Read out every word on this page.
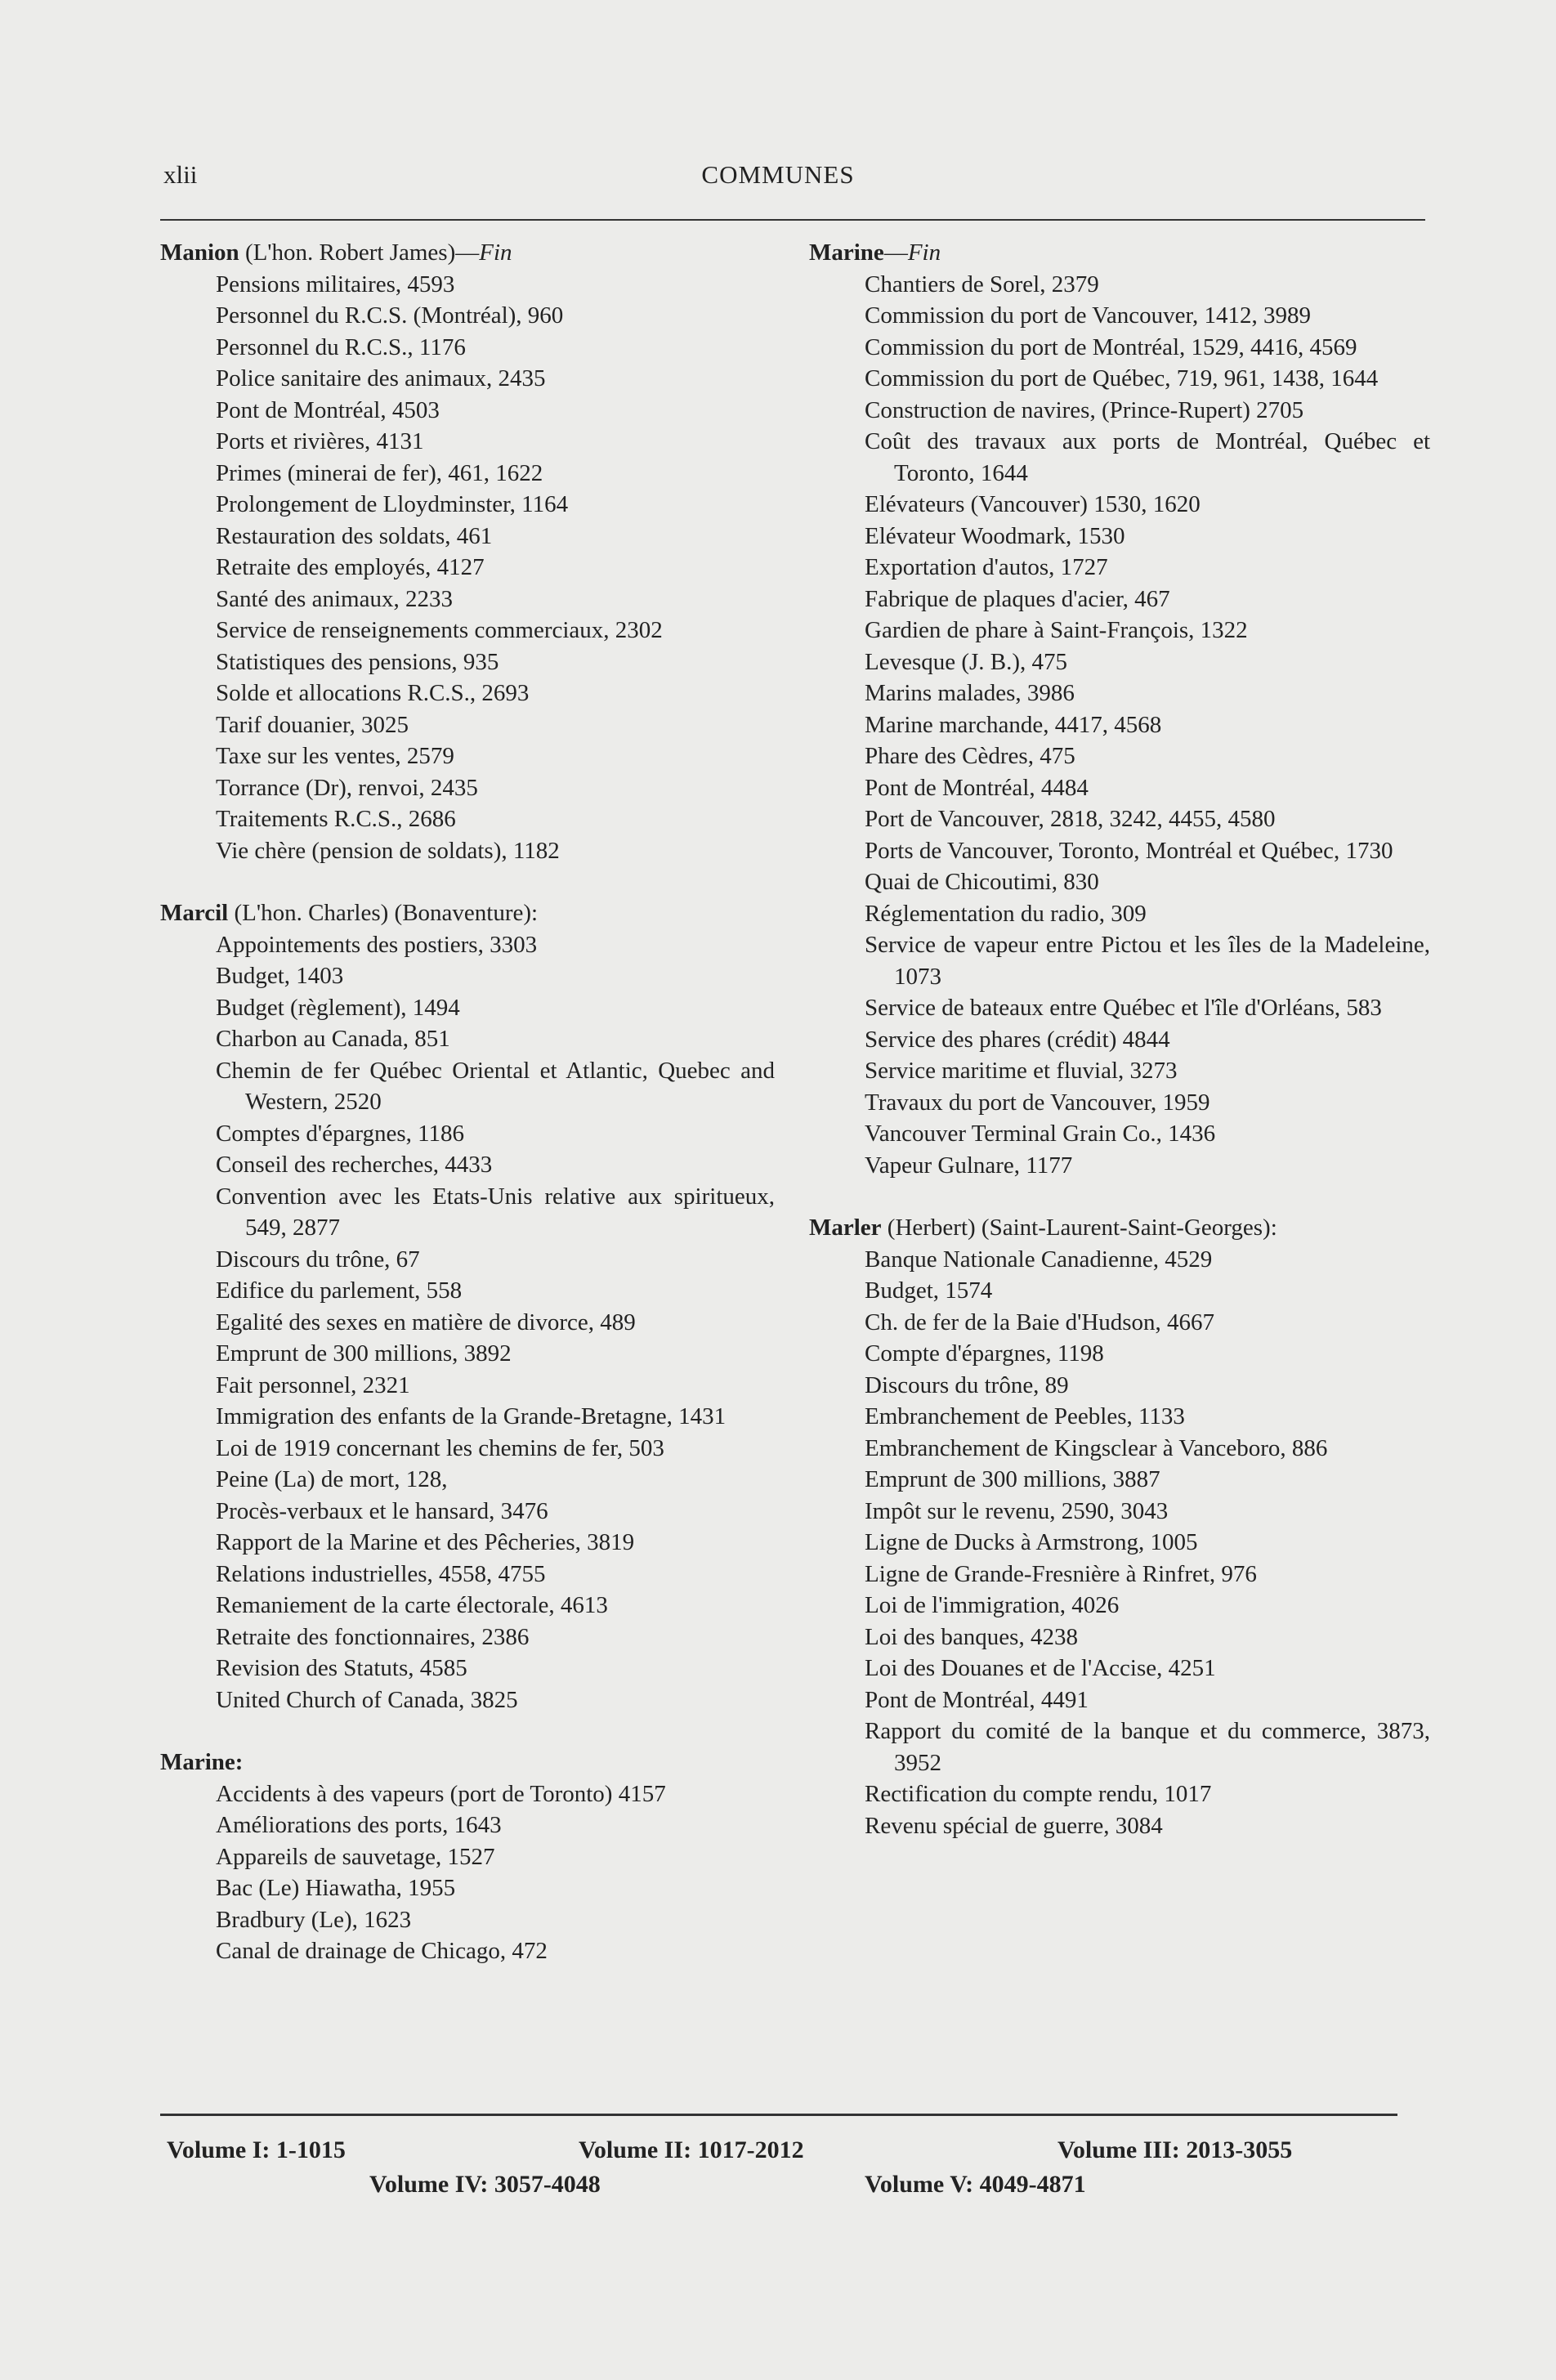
xlii	COMMUNES
Manion (L'hon. Robert James)—Fin
Pensions militaires, 4593
Personnel du R.C.S. (Montréal), 960
Personnel du R.C.S., 1176
Police sanitaire des animaux, 2435
Pont de Montréal, 4503
Ports et rivières, 4131
Primes (minerai de fer), 461, 1622
Prolongement de Lloydminster, 1164
Restauration des soldats, 461
Retraite des employés, 4127
Santé des animaux, 2233
Service de renseignements commerciaux, 2302
Statistiques des pensions, 935
Solde et allocations R.C.S., 2693
Tarif douanier, 3025
Taxe sur les ventes, 2579
Torrance (Dr), renvoi, 2435
Traitements R.C.S., 2686
Vie chère (pension de soldats), 1182
Marcil (L'hon. Charles) (Bonaventure):
Appointements des postiers, 3303
Budget, 1403
Budget (règlement), 1494
Charbon au Canada, 851
Chemin de fer Québec Oriental et Atlantic, Quebec and Western, 2520
Comptes d'épargnes, 1186
Conseil des recherches, 4433
Convention avec les Etats-Unis relative aux spiritueux, 549, 2877
Discours du trône, 67
Edifice du parlement, 558
Egalité des sexes en matière de divorce, 489
Emprunt de 300 millions, 3892
Fait personnel, 2321
Immigration des enfants de la Grande-Bretagne, 1431
Loi de 1919 concernant les chemins de fer, 503
Peine (La) de mort, 128,
Procès-verbaux et le hansard, 3476
Rapport de la Marine et des Pêcheries, 3819
Relations industrielles, 4558, 4755
Remaniement de la carte électorale, 4613
Retraite des fonctionnaires, 2386
Revision des Statuts, 4585
United Church of Canada, 3825
Marine:
Accidents à des vapeurs (port de Toronto) 4157
Améliorations des ports, 1643
Appareils de sauvetage, 1527
Bac (Le) Hiawatha, 1955
Bradbury (Le), 1623
Canal de drainage de Chicago, 472
Marine—Fin
Chantiers de Sorel, 2379
Commission du port de Vancouver, 1412, 3989
Commission du port de Montréal, 1529, 4416, 4569
Commission du port de Québec, 719, 961, 1438, 1644
Construction de navires, (Prince-Rupert) 2705
Coût des travaux aux ports de Montréal, Québec et Toronto, 1644
Elévateurs (Vancouver) 1530, 1620
Elévateur Woodmark, 1530
Exportation d'autos, 1727
Fabrique de plaques d'acier, 467
Gardien de phare à Saint-François, 1322
Levesque (J. B.), 475
Marins malades, 3986
Marine marchande, 4417, 4568
Phare des Cèdres, 475
Pont de Montréal, 4484
Port de Vancouver, 2818, 3242, 4455, 4580
Ports de Vancouver, Toronto, Montréal et Québec, 1730
Quai de Chicoutimi, 830
Réglementation du radio, 309
Service de vapeur entre Pictou et les îles de la Madeleine, 1073
Service de bateaux entre Québec et l'île d'Orléans, 583
Service des phares (crédit) 4844
Service maritime et fluvial, 3273
Travaux du port de Vancouver, 1959
Vancouver Terminal Grain Co., 1436
Vapeur Gulnare, 1177
Marler (Herbert) (Saint-Laurent-Saint-Georges):
Banque Nationale Canadienne, 4529
Budget, 1574
Ch. de fer de la Baie d'Hudson, 4667
Compte d'épargnes, 1198
Discours du trône, 89
Embranchement de Peebles, 1133
Embranchement de Kingsclear à Vanceboro, 886
Emprunt de 300 millions, 3887
Impôt sur le revenu, 2590, 3043
Ligne de Ducks à Armstrong, 1005
Ligne de Grande-Fresnière à Rinfret, 976
Loi de l'immigration, 4026
Loi des banques, 4238
Loi des Douanes et de l'Accise, 4251
Pont de Montréal, 4491
Rapport du comité de la banque et du commerce, 3873, 3952
Rectification du compte rendu, 1017
Revenu spécial de guerre, 3084
Volume I: 1-1015	Volume II: 1017-2012	Volume III: 2013-3055
Volume IV: 3057-4048	Volume V: 4049-4871
